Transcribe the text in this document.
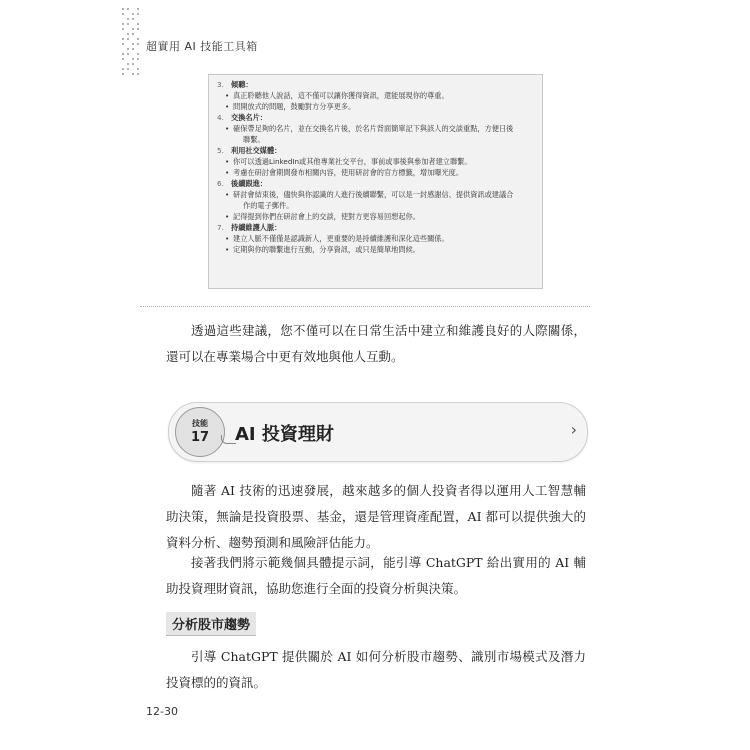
超實用 AI 技能工具箱
3. 傾聽：
• 真正聆聽他人說話，這不僅可以讓你獲得資訊，還能展現你的尊重。
• 問開放式的問題，鼓勵對方分享更多。
4. 交換名片：
• 確保帶足夠的名片，並在交換名片後，於名片背面簡單記下與該人的交談重點，方便日後
聯繫。
5. 利用社交媒體：
• 你可以透過LinkedIn或其他專業社交平台，事前或事後與參加者建立聯繫。
• 考慮在研討會期間發布相關內容，使用研討會的官方標籤，增加曝光度。
6. 後續跟進：
• 研討會結束後，儘快與你認識的人進行後續聯繫，可以是一封感謝信、提供資訊或建議合
作的電子郵件。
• 記得提到你們在研討會上的交談，使對方更容易回想起你。
7. 持續維護人脈：
• 建立人脈不僅僅是認識新人，更重要的是持續維護和深化這些關係。
• 定期與你的聯繫進行互動，分享資訊，或只是簡單地問候。
透過這些建議，您不僅可以在日常生活中建立和維護良好的人際關係，還可以在專業場合中更有效地與他人互動。
技能
17	AI 投資理財	›
隨著 AI 技術的迅速發展，越來越多的個人投資者得以運用人工智慧輔助決策，無論是投資股票、基金，還是管理資產配置，AI 都可以提供強大的資料分析、趨勢預測和風險評估能力。
接著我們將示範幾個具體提示詞，能引導 ChatGPT 給出實用的 AI 輔助投資理財資訊，協助您進行全面的投資分析與決策。
分析股市趨勢
引導 ChatGPT 提供關於 AI 如何分析股市趨勢、識別市場模式及潛力投資標的的資訊。
12-30
